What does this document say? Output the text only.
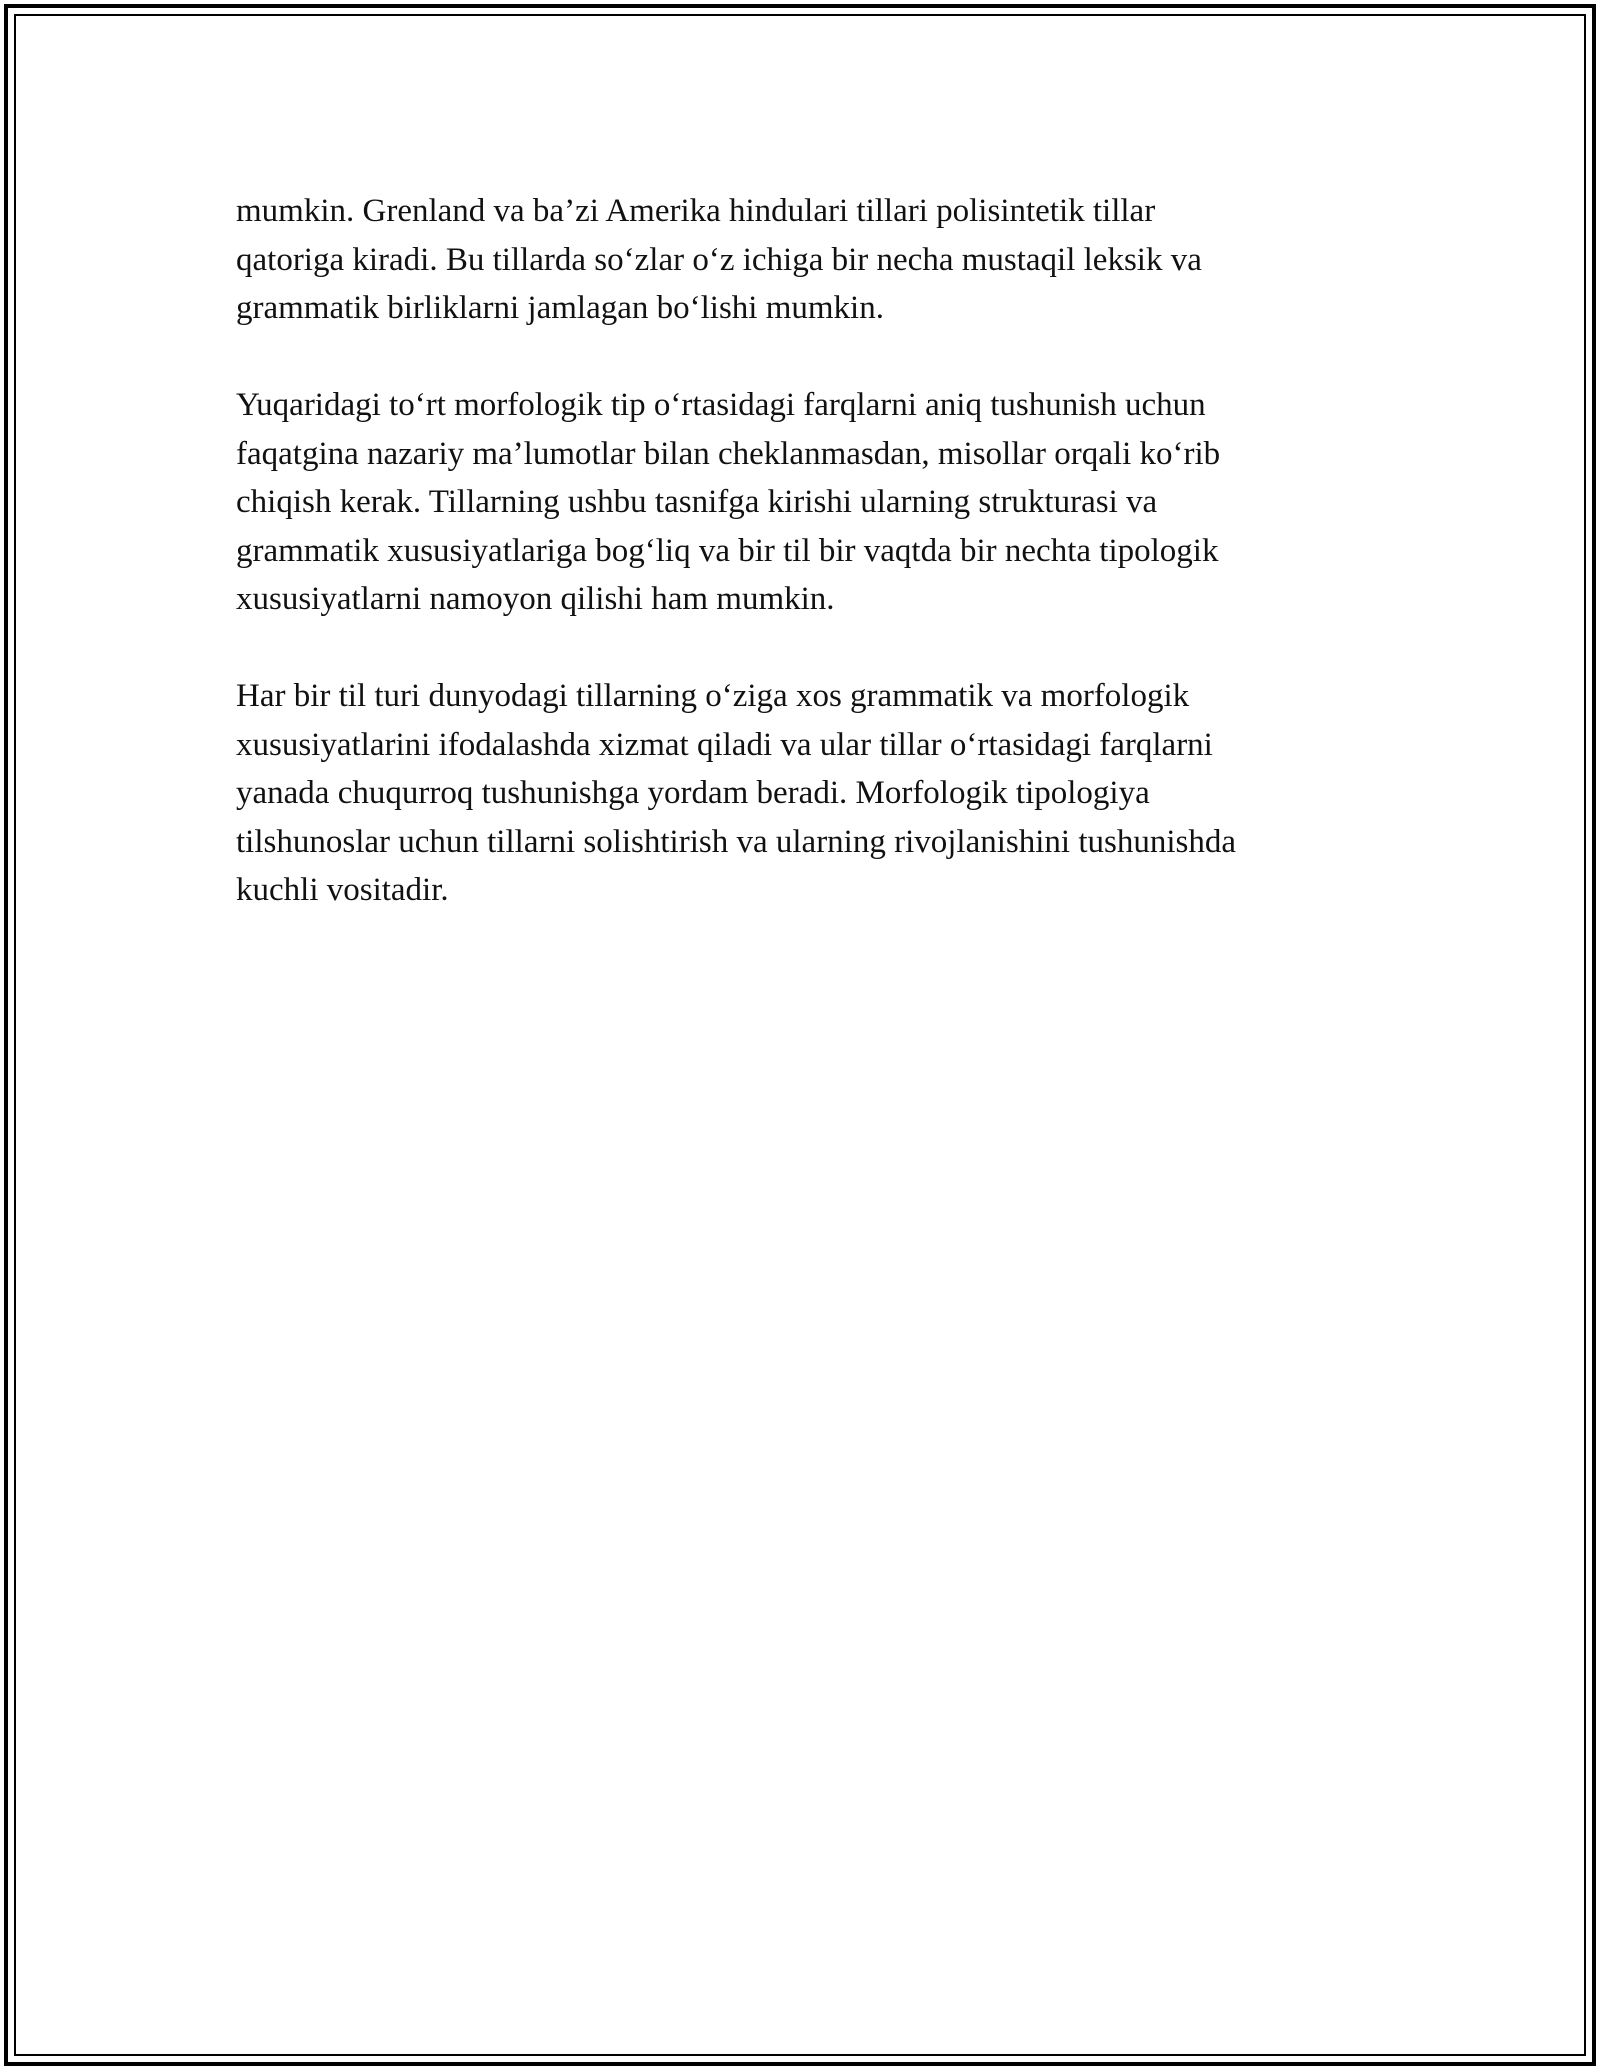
mumkin. Grenland va ba’zi Amerika hindulari tillari polisintetik tillar
qatoriga kiradi. Bu tillarda so‘zlar o‘z ichiga bir necha mustaqil leksik va
grammatik birliklarni jamlagan bo‘lishi mumkin.

Yuqaridagi to‘rt morfologik tip o‘rtasidagi farqlarni aniq tushunish uchun
faqatgina nazariy ma’lumotlar bilan cheklanmasdan, misollar orqali ko‘rib
chiqish kerak. Tillarning ushbu tasnifga kirishi ularning strukturasi va
grammatik xususiyatlariga bog‘liq va bir til bir vaqtda bir nechta tipologik
xususiyatlarni namoyon qilishi ham mumkin.

Har bir til turi dunyodagi tillarning o‘ziga xos grammatik va morfologik
xususiyatlarini ifodalashda xizmat qiladi va ular tillar o‘rtasidagi farqlarni
yanada chuqurroq tushunishga yordam beradi. Morfologik tipologiya
tilshunoslar uchun tillarni solishtirish va ularning rivojlanishini tushunishda
kuchli vositadir.
